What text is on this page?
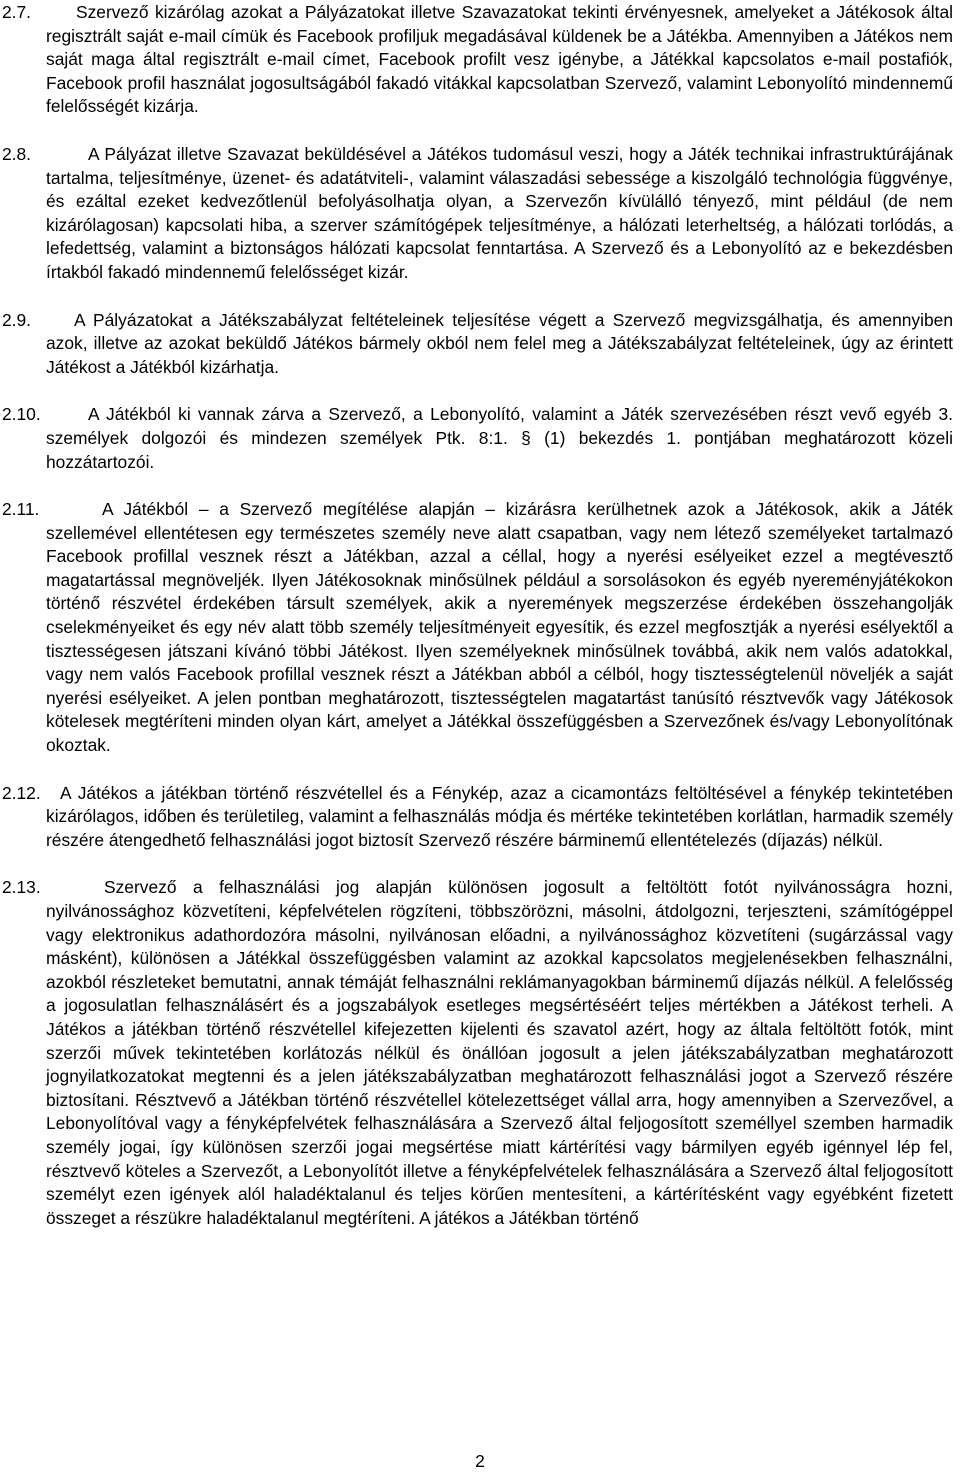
2.7.	Szervező kizárólag azokat a Pályázatokat illetve Szavazatokat tekinti érvényesnek, amelyeket a Játékosok által regisztrált saját e-mail címük és Facebook profiljuk megadásával küldenek be a Játékba. Amennyiben a Játékos nem saját maga által regisztrált e-mail címet, Facebook profilt vesz igénybe, a Játékkal kapcsolatos e-mail postafiók, Facebook profil használat jogosultságából fakadó vitákkal kapcsolatban Szervező, valamint Lebonyolító mindennemű felelősségét kizárja.
2.8.	A Pályázat illetve Szavazat beküldésével a Játékos tudomásul veszi, hogy a Játék technikai infrastruktúrájának tartalma, teljesítménye, üzenet- és adatátviteli-, valamint válaszadási sebessége a kiszolgáló technológia függvénye, és ezáltal ezeket kedvezőtlenül befolyásolhatja olyan, a Szervezőn kívülálló tényező, mint például (de nem kizárólagosan) kapcsolati hiba, a szerver számítógépek teljesítménye, a hálózati leterheltség, a hálózati torlódás, a lefedettség, valamint a biztonságos hálózati kapcsolat fenntartása. A Szervező és a Lebonyolító az e bekezdésben írtakból fakadó mindennemű felelősséget kizár.
2.9.	A Pályázatokat a Játékszabályzat feltételeinek teljesítése végett a Szervező megvizsgálhatja, és amennyiben azok, illetve az azokat beküldő Játékos bármely okból nem felel meg a Játékszabályzat feltételeinek, úgy az érintett Játékost a Játékból kizárhatja.
2.10.	A Játékból ki vannak zárva a Szervező, a Lebonyolító, valamint a Játék szervezésében részt vevő egyéb 3. személyek dolgozói és mindezen személyek Ptk. 8:1. § (1) bekezdés 1. pontjában meghatározott közeli hozzátartozói.
2.11.	A Játékból – a Szervező megítélése alapján – kizárásra kerülhetnek azok a Játékosok, akik a Játék szellemével ellentétesen egy természetes személy neve alatt csapatban, vagy nem létező személyeket tartalmazó Facebook profillal vesznek részt a Játékban, azzal a céllal, hogy a nyerési esélyeiket ezzel a megtévesztő magatartással megnöveljék. Ilyen Játékosoknak minősülnek például a sorsolásokon és egyéb nyereményjátékokon történő részvétel érdekében társult személyek, akik a nyeremények megszerzése érdekében összehangolják cselekményeiket és egy név alatt több személy teljesítményeit egyesítik, és ezzel megfosztják a nyerési esélyektől a tisztességesen játszani kívánó többi Játékost. Ilyen személyeknek minősülnek továbbá, akik nem valós adatokkal, vagy nem valós Facebook profillal vesznek részt a Játékban abból a célból, hogy tisztességtelenül növeljék a saját nyerési esélyeiket. A jelen pontban meghatározott, tisztességtelen magatartást tanúsító résztvevők vagy Játékosok kötelesek megtéríteni minden olyan kárt, amelyet a Játékkal összefüggésben a Szervezőnek és/vagy Lebonyolítónak okoztak.
2.12.	A Játékos a játékban történő részvétellel és a Fénykép, azaz a cicamontázs feltöltésével a fénykép tekintetében kizárólagos, időben és területileg, valamint a felhasználás módja és mértéke tekintetében korlátlan, harmadik személy részére átengedhető felhasználási jogot biztosít Szervező részére bárminemű ellentételezés (díjazás) nélkül.
2.13.	Szervező a felhasználási jog alapján különösen jogosult a feltöltött fotót nyilvánosságra hozni, nyilvánossághoz közvetíteni, képfelvételen rögzíteni, többszörözni, másolni, átdolgozni, terjeszteni, számítógéppel vagy elektronikus adathordozóra másolni, nyilvánosan előadni, a nyilvánossághoz közvetíteni (sugárzással vagy másként), különösen a Játékkal összefüggésben valamint az azokkal kapcsolatos megjelenésekben felhasználni, azokból részleteket bemutatni, annak témáját felhasználni reklámanyagokban bárminemű díjazás nélkül. A felelősség a jogosulatlan felhasználásért és a jogszabályok esetleges megsértéséért teljes mértékben a Játékost terheli. A Játékos a játékban történő részvétellel kifejezetten kijelenti és szavatol azért, hogy az általa feltöltött fotók, mint szerzői művek tekintetében korlátozás nélkül és önállóan jogosult a jelen játékszabályzatban meghatározott jognyilatkozatokat megtenni és a jelen játékszabályzatban meghatározott felhasználási jogot a Szervező részére biztosítani. Résztvevő a Játékban történő részvétellel kötelezettséget vállal arra, hogy amennyiben a Szervezővel, a Lebonyolítóval vagy a fényképfelvétek felhasználására a Szervező által feljogosított személlyel szemben harmadik személy jogai, így különösen szerzői jogai megsértése miatt kártérítési vagy bármilyen egyéb igénnyel lép fel, résztvevő köteles a Szervezőt, a Lebonyolítót illetve a fényképfelvételek felhasználására a Szervező által feljogosított személyt ezen igények alól haladéktalanul és teljes körűen mentesíteni, a kártérítésként vagy egyébként fizetett összeget a részükre haladéktalanul megtéríteni. A játékos a Játékban történő
2
